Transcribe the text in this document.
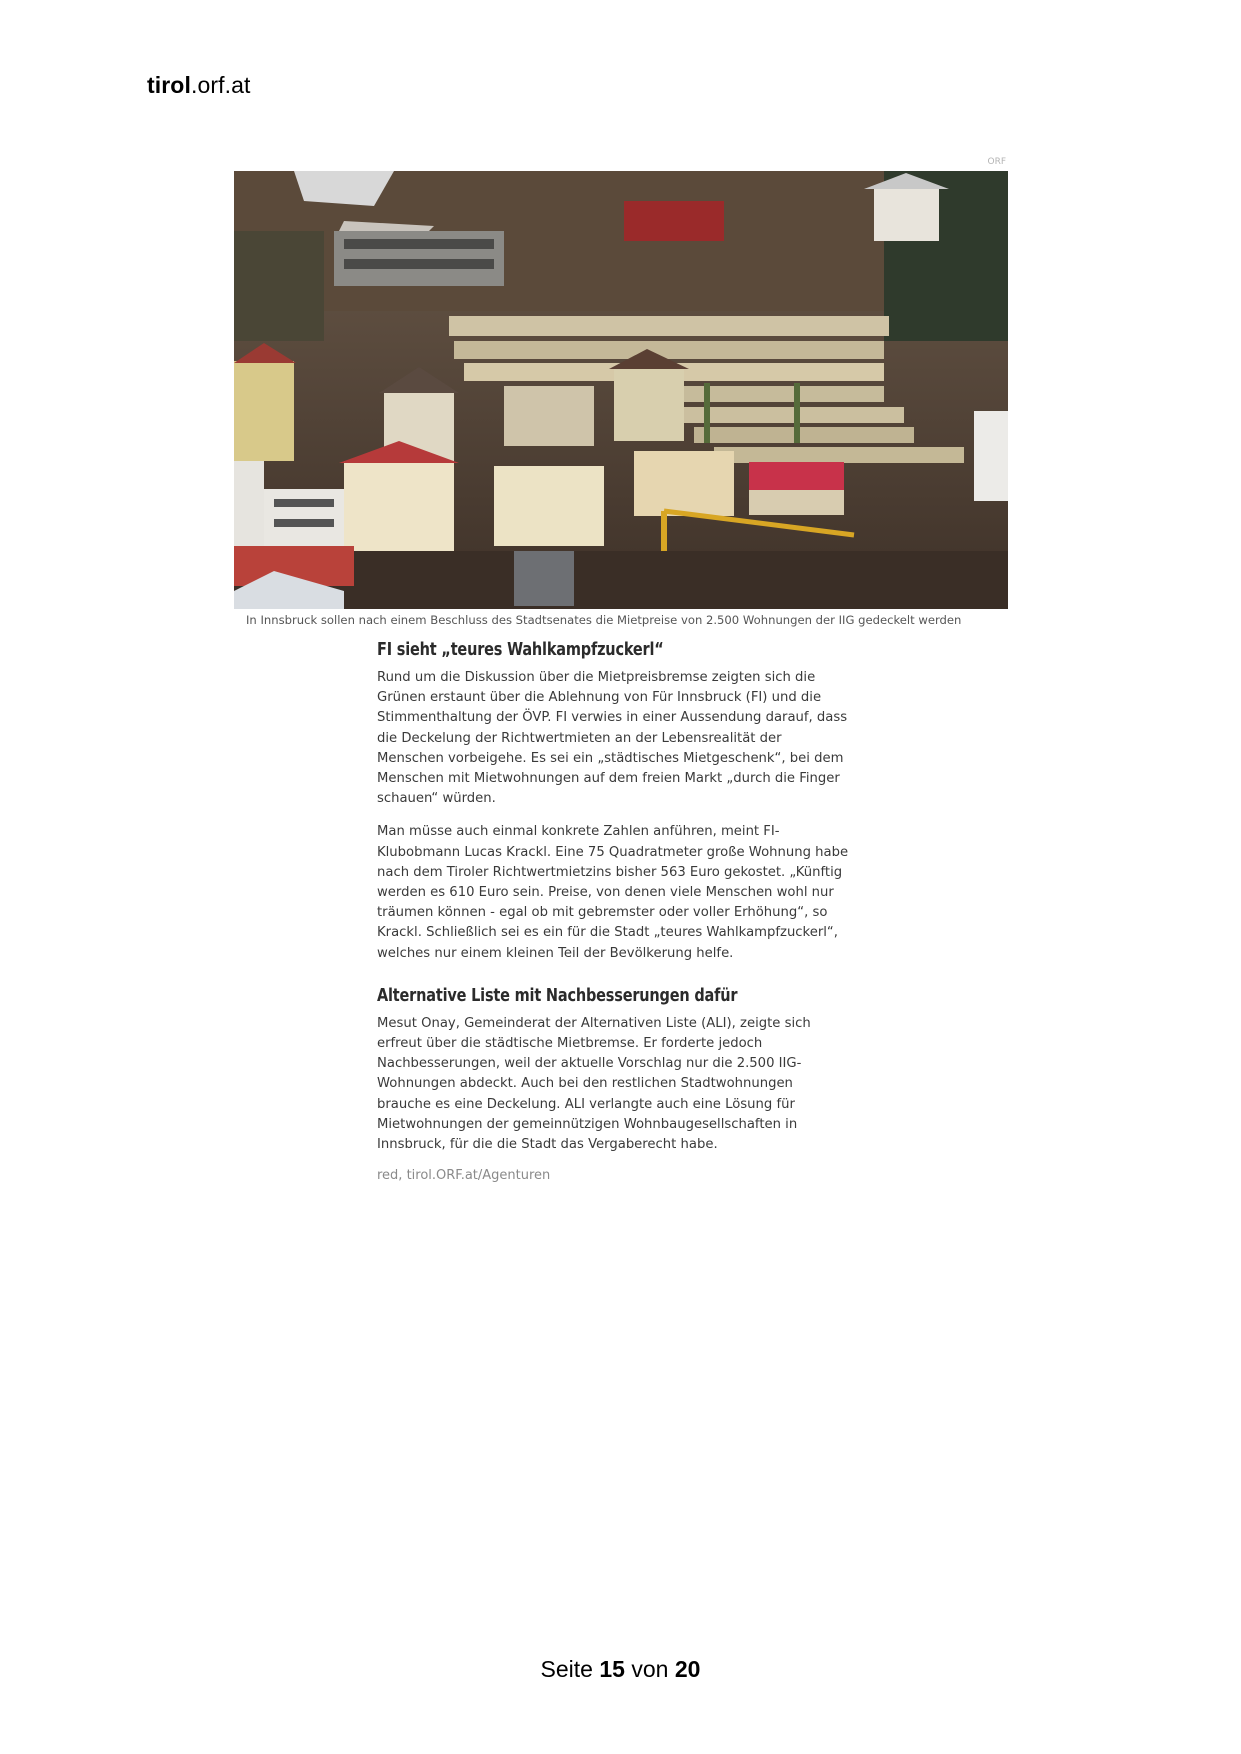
tirol.orf.at
ORF
In Innsbruck sollen nach einem Beschluss des Stadtsenates die Mietpreise von 2.500 Wohnungen der IIG gedeckelt werden
FI sieht „teures Wahlkampfzuckerl“
Rund um die Diskussion über die Mietpreisbremse zeigten sich die
Grünen erstaunt über die Ablehnung von Für Innsbruck (FI) und die
Stimmenthaltung der ÖVP. FI verwies in einer Aussendung darauf, dass
die Deckelung der Richtwertmieten an der Lebensrealität der
Menschen vorbeigehe. Es sei ein „städtisches Mietgeschenk“, bei dem
Menschen mit Mietwohnungen auf dem freien Markt „durch die Finger
schauen“ würden.
Man müsse auch einmal konkrete Zahlen anführen, meint FI-
Klubobmann Lucas Krackl. Eine 75 Quadratmeter große Wohnung habe
nach dem Tiroler Richtwertmietzins bisher 563 Euro gekostet. „Künftig
werden es 610 Euro sein. Preise, von denen viele Menschen wohl nur
träumen können - egal ob mit gebremster oder voller Erhöhung“, so
Krackl. Schließlich sei es ein für die Stadt „teures Wahlkampfzuckerl“,
welches nur einem kleinen Teil der Bevölkerung helfe.
Alternative Liste mit Nachbesserungen dafür
Mesut Onay, Gemeinderat der Alternativen Liste (ALI), zeigte sich
erfreut über die städtische Mietbremse. Er forderte jedoch
Nachbesserungen, weil der aktuelle Vorschlag nur die 2.500 IIG-
Wohnungen abdeckt. Auch bei den restlichen Stadtwohnungen
brauche es eine Deckelung. ALI verlangte auch eine Lösung für
Mietwohnungen der gemeinnützigen Wohnbaugesellschaften in
Innsbruck, für die die Stadt das Vergaberecht habe.
red, tirol.ORF.at/Agenturen
Seite 15 von 20
